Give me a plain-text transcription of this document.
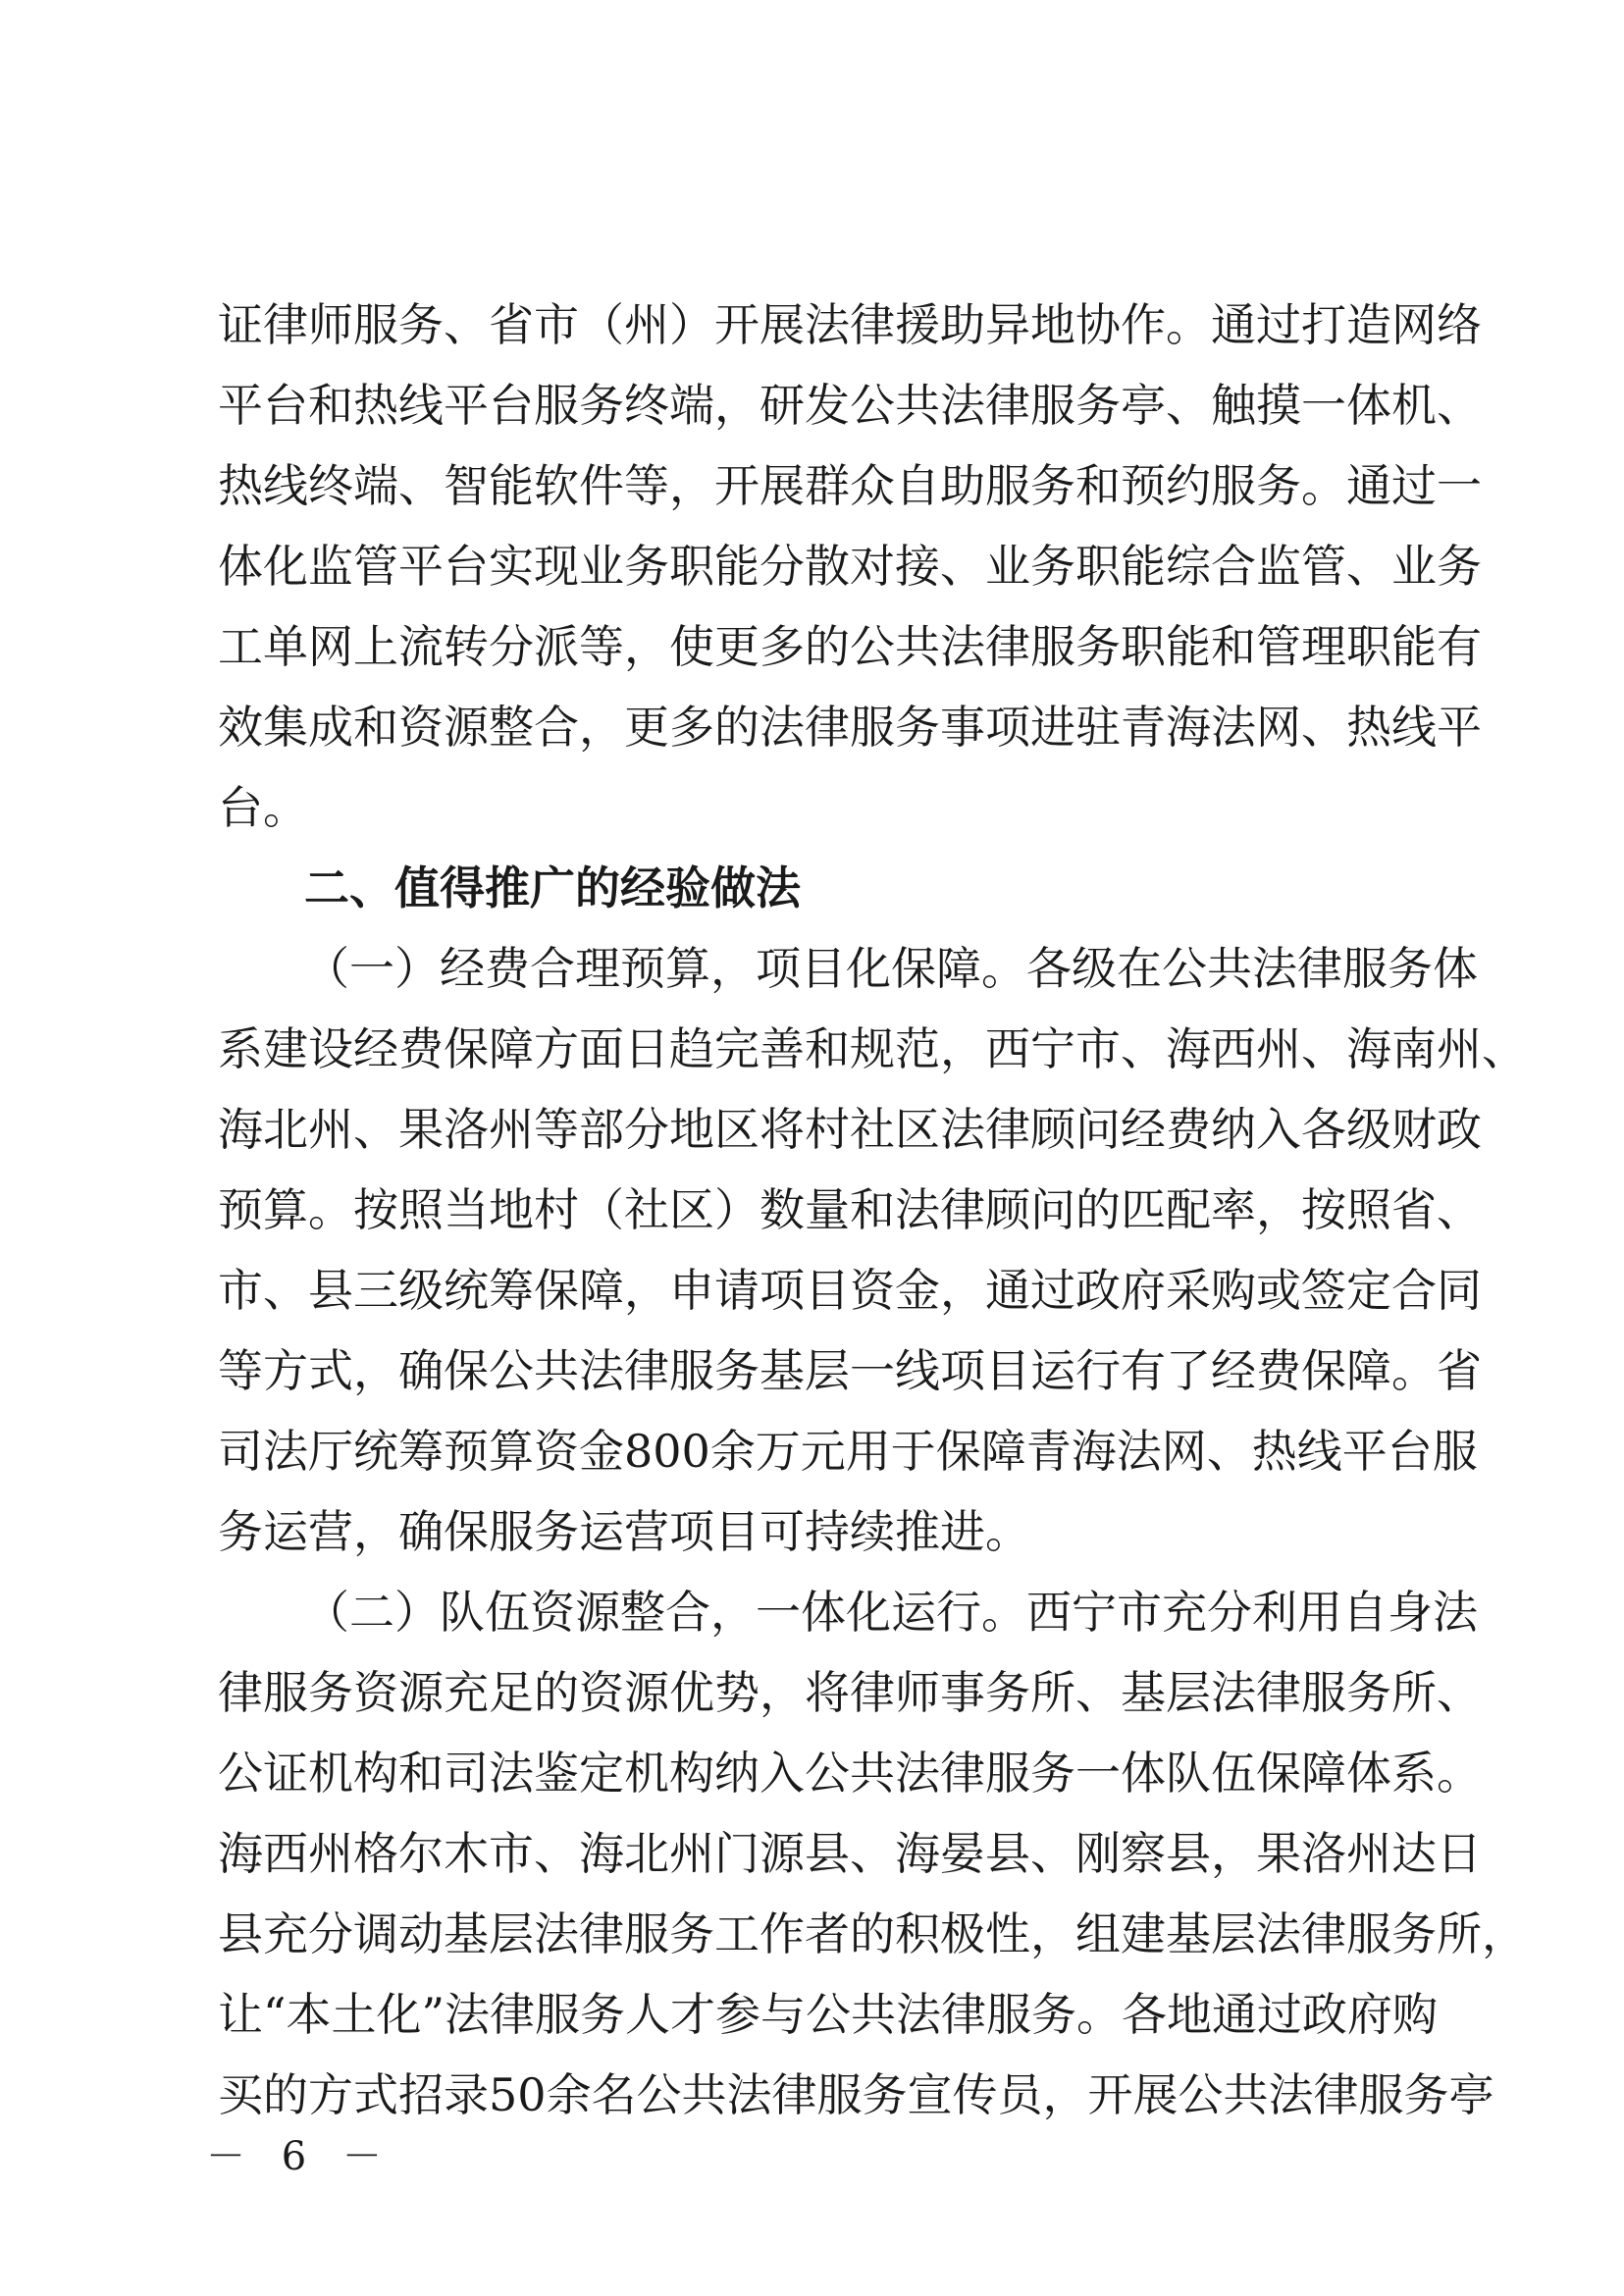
证律师服务、省市（州）开展法律援助异地协作。通过打造网络
平台和热线平台服务终端，研发公共法律服务亭、触摸一体机、
热线终端、智能软件等，开展群众自助服务和预约服务。通过一
体化监管平台实现业务职能分散对接、业务职能综合监管、业务
工单网上流转分派等，使更多的公共法律服务职能和管理职能有
效集成和资源整合，更多的法律服务事项进驻青海法网、热线平
台。
二、值得推广的经验做法
（一）经费合理预算，项目化保障。各级在公共法律服务体
系建设经费保障方面日趋完善和规范，西宁市、海西州、海南州、
海北州、果洛州等部分地区将村社区法律顾问经费纳入各级财政
预算。按照当地村（社区）数量和法律顾问的匹配率，按照省、
市、县三级统筹保障，申请项目资金，通过政府采购或签定合同
等方式，确保公共法律服务基层一线项目运行有了经费保障。省
司法厅统筹预算资金800余万元用于保障青海法网、热线平台服
务运营，确保服务运营项目可持续推进。
（二）队伍资源整合，一体化运行。西宁市充分利用自身法
律服务资源充足的资源优势，将律师事务所、基层法律服务所、
公证机构和司法鉴定机构纳入公共法律服务一体队伍保障体系。
海西州格尔木市、海北州门源县、海晏县、刚察县，果洛州达日
县充分调动基层法律服务工作者的积极性，组建基层法律服务所，
让“本土化”法律服务人才参与公共法律服务。各地通过政府购
买的方式招录50余名公共法律服务宣传员，开展公共法律服务亭
－ 6 －
